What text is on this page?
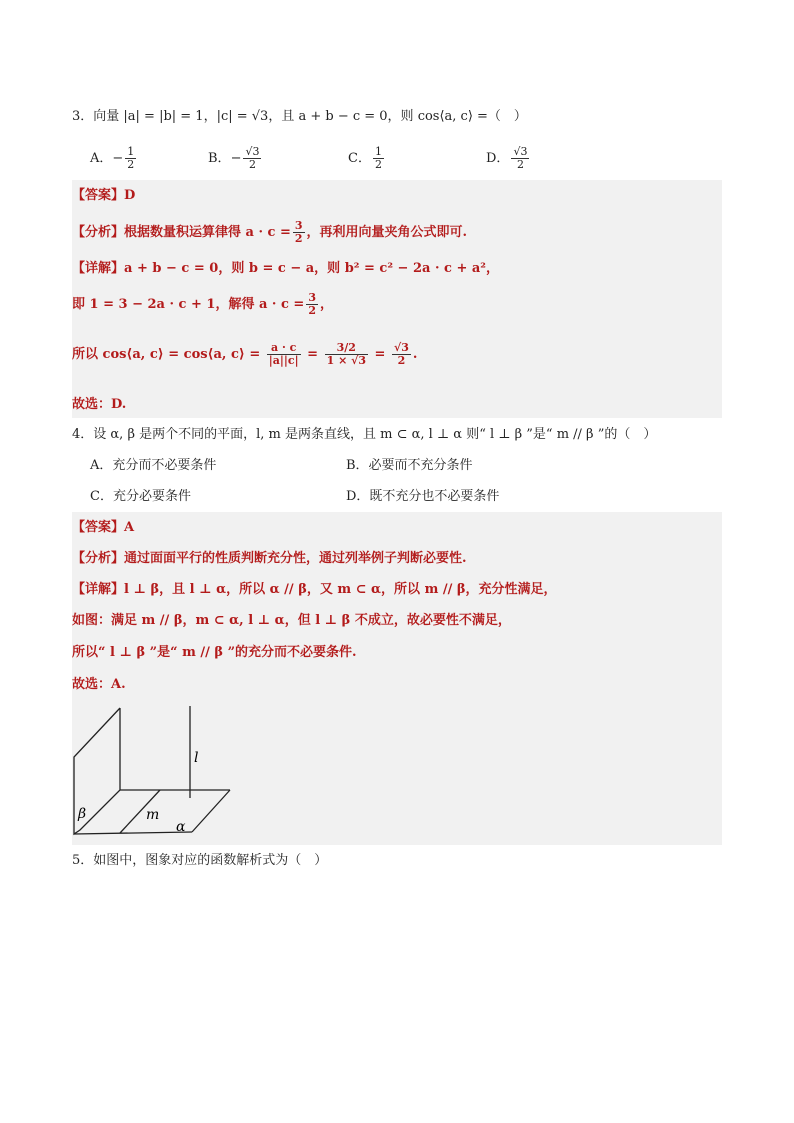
3．向量 |a| = |b| = 1，|c| = √3，且 a + b − c = 0，则 cos⟨a, c⟩ =（　）
A．− $\frac{1}{2}$	B．− $\frac{√3}{2}$	C． $\frac{1}{2}$	D． $\frac{√3}{2}$
【答案】D
【分析】根据数量积运算律得 $a \cdot c = \frac{3}{2}$ ，再利用向量夹角公式即可.
【详解】a + b − c = 0，则 b = c − a，则 b² = c² − 2a · c + a²，
即 1 = 3 − 2a · c + 1，解得 $a \cdot c = \frac{3}{2}$ ，
所以 cos⟨a, c⟩ = cos⟨a, c⟩ = $\frac{a \cdot c}{|a||c|} = \frac{3/2}{1 \times √3} = \frac{√3}{2}$ .
故选：D.
4．设 α, β 是两个不同的平面，l, m 是两条直线，且 m ⊂ α, l ⊥ α 则“ l ⊥ β ”是“ m // β ”的（　）
A．充分而不必要条件	B．必要而不充分条件
C．充分必要条件	D．既不充分也不必要条件
【答案】A
【分析】通过面面平行的性质判断充分性，通过列举例子判断必要性.
【详解】l ⊥ β，且 l ⊥ α，所以 α // β，又 m ⊂ α，所以 m // β，充分性满足，
如图：满足 m // β，m ⊂ α, l ⊥ α，但 l ⊥ β 不成立，故必要性不满足，
所以“ l ⊥ β ”是“ m // β ”的充分而不必要条件.
故选：A.
l
β	m
α
5．如图中，图象对应的函数解析式为（　）
